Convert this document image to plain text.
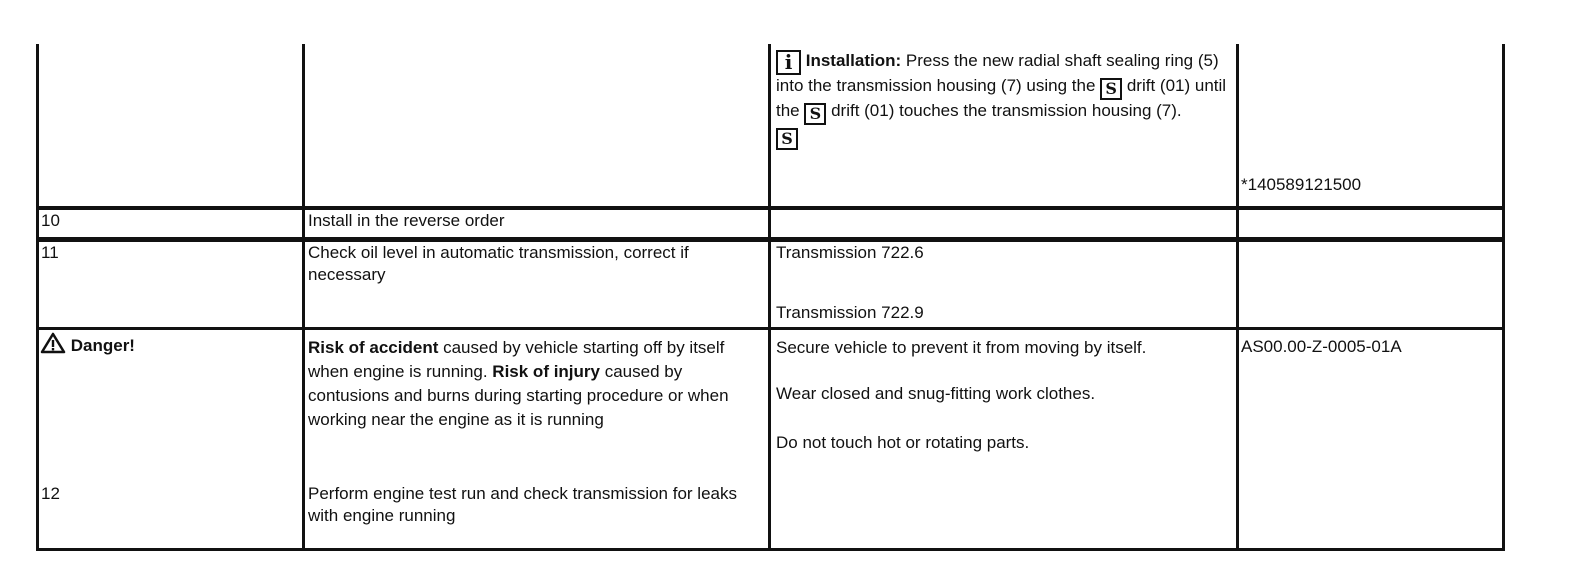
i Installation: Press the new radial shaft sealing ring (5) into the transmission housing (7) using the S drift (01) until the S drift (01) touches the transmission housing (7).
S
*140589121500
10	Install in the reverse order
11	Check oil level in automatic transmission, correct if necessary
Transmission 722.6
Transmission 722.9
Danger!
12
Risk of accident caused by vehicle starting off by itself when engine is running. Risk of injury caused by contusions and burns during starting procedure or when working near the engine as it is running
Perform engine test run and check transmission for leaks with engine running
Secure vehicle to prevent it from moving by itself.
Wear closed and snug-fitting work clothes.
Do not touch hot or rotating parts.
AS00.00-Z-0005-01A
